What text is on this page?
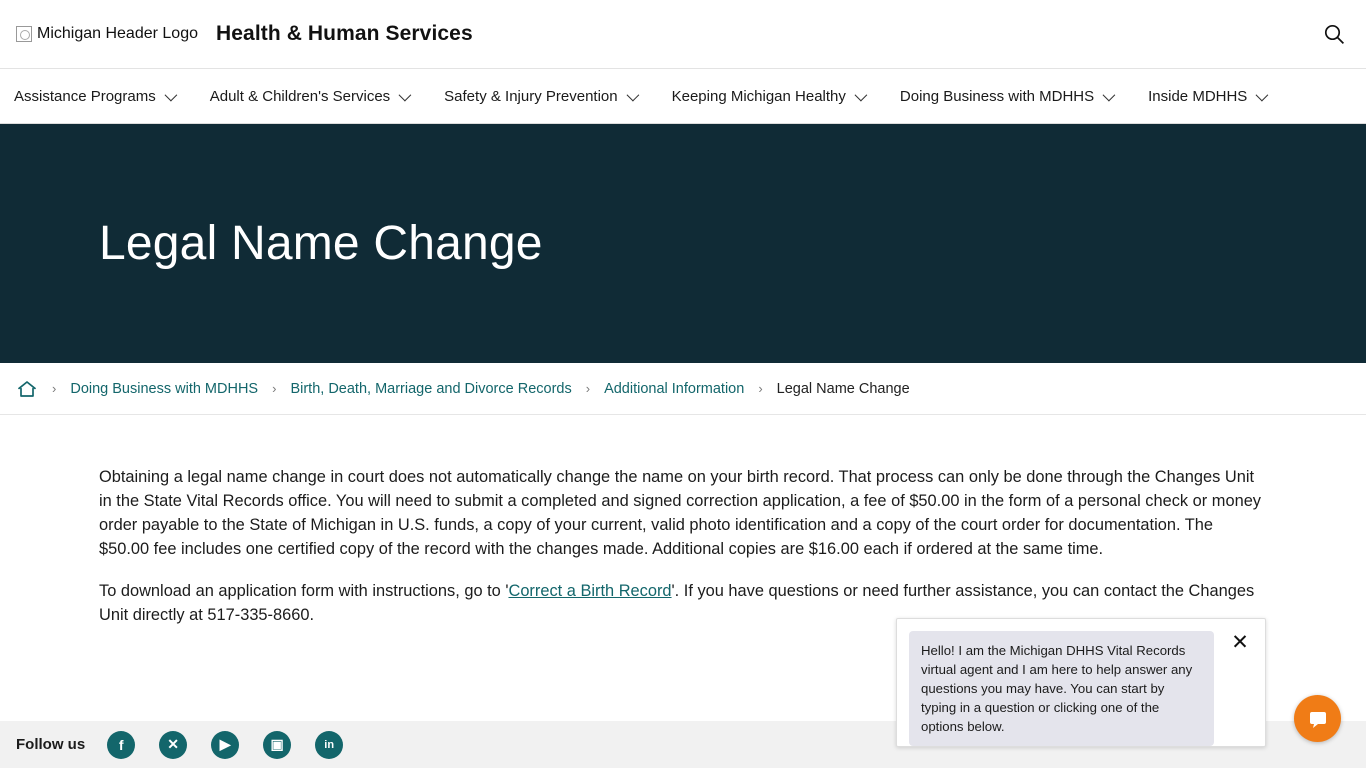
Michigan Header Logo Health & Human Services
Assistance Programs	Adult & Children's Services	Safety & Injury Prevention	Keeping Michigan Healthy	Doing Business with MDHHS	Inside MDHHS
Legal Name Change
› Doing Business with MDHHS › Birth, Death, Marriage and Divorce Records › Additional Information › Legal Name Change

Obtaining a legal name change in court does not automatically change the name on your birth record. That process can only be done through the Changes Unit in the State Vital Records office. You will need to submit a completed and signed correction application, a fee of $50.00 in the form of a personal check or money order payable to the State of Michigan in U.S. funds, a copy of your current, valid photo identification and a copy of the court order for documentation. The $50.00 fee includes one certified copy of the record with the changes made. Additional copies are $16.00 each if ordered at the same time.

To download an application form with instructions, go to 'Correct a Birth Record'. If you have questions or need further assistance, you can contact the Changes Unit directly at 517-335-8660.

Follow us f	✕	▶	▣	in
Hello! I am the Michigan DHHS Vital Records virtual agent and I am here to help answer any questions you may have. You can start by typing in a question or clicking one of the options below.
✕
